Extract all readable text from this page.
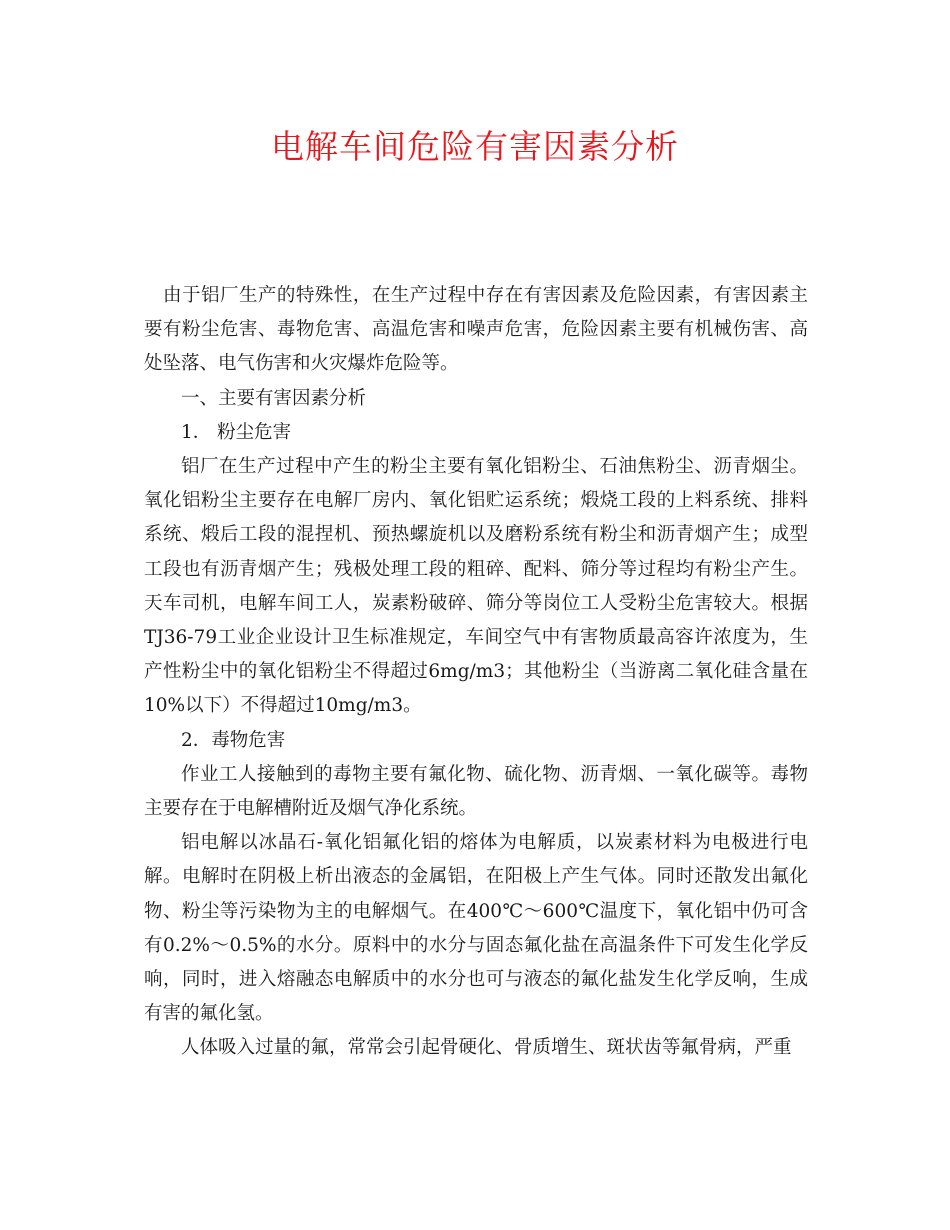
电解车间危险有害因素分析

由于铝厂生产的特殊性，在生产过程中存在有害因素及危险因素，有害因素主要有粉尘危害、毒物危害、高温危害和噪声危害，危险因素主要有机械伤害、高处坠落、电气伤害和火灾爆炸危险等。

一、主要有害因素分析

1． 粉尘危害

铝厂在生产过程中产生的粉尘主要有氧化铝粉尘、石油焦粉尘、沥青烟尘。氧化铝粉尘主要存在电解厂房内、氧化铝贮运系统；煅烧工段的上料系统、排料系统、煅后工段的混捏机、预热螺旋机以及磨粉系统有粉尘和沥青烟产生；成型工段也有沥青烟产生；残极处理工段的粗碎、配料、筛分等过程均有粉尘产生。天车司机，电解车间工人，炭素粉破碎、筛分等岗位工人受粉尘危害较大。根据TJ36-79工业企业设计卫生标准规定，车间空气中有害物质最高容许浓度为，生产性粉尘中的氧化铝粉尘不得超过6mg/m3；其他粉尘（当游离二氧化硅含量在10%以下）不得超过10mg/m3。

2．毒物危害

作业工人接触到的毒物主要有氟化物、硫化物、沥青烟、一氧化碳等。毒物主要存在于电解槽附近及烟气净化系统。

铝电解以冰晶石-氧化铝氟化铝的熔体为电解质，以炭素材料为电极进行电解。电解时在阴极上析出液态的金属铝，在阳极上产生气体。同时还散发出氟化物、粉尘等污染物为主的电解烟气。在400℃～600℃温度下，氧化铝中仍可含有0.2%～0.5%的水分。原料中的水分与固态氟化盐在高温条件下可发生化学反响，同时，进入熔融态电解质中的水分也可与液态的氟化盐发生化学反响，生成有害的氟化氢。

人体吸入过量的氟，常常会引起骨硬化、骨质增生、斑状齿等氟骨病，严重
